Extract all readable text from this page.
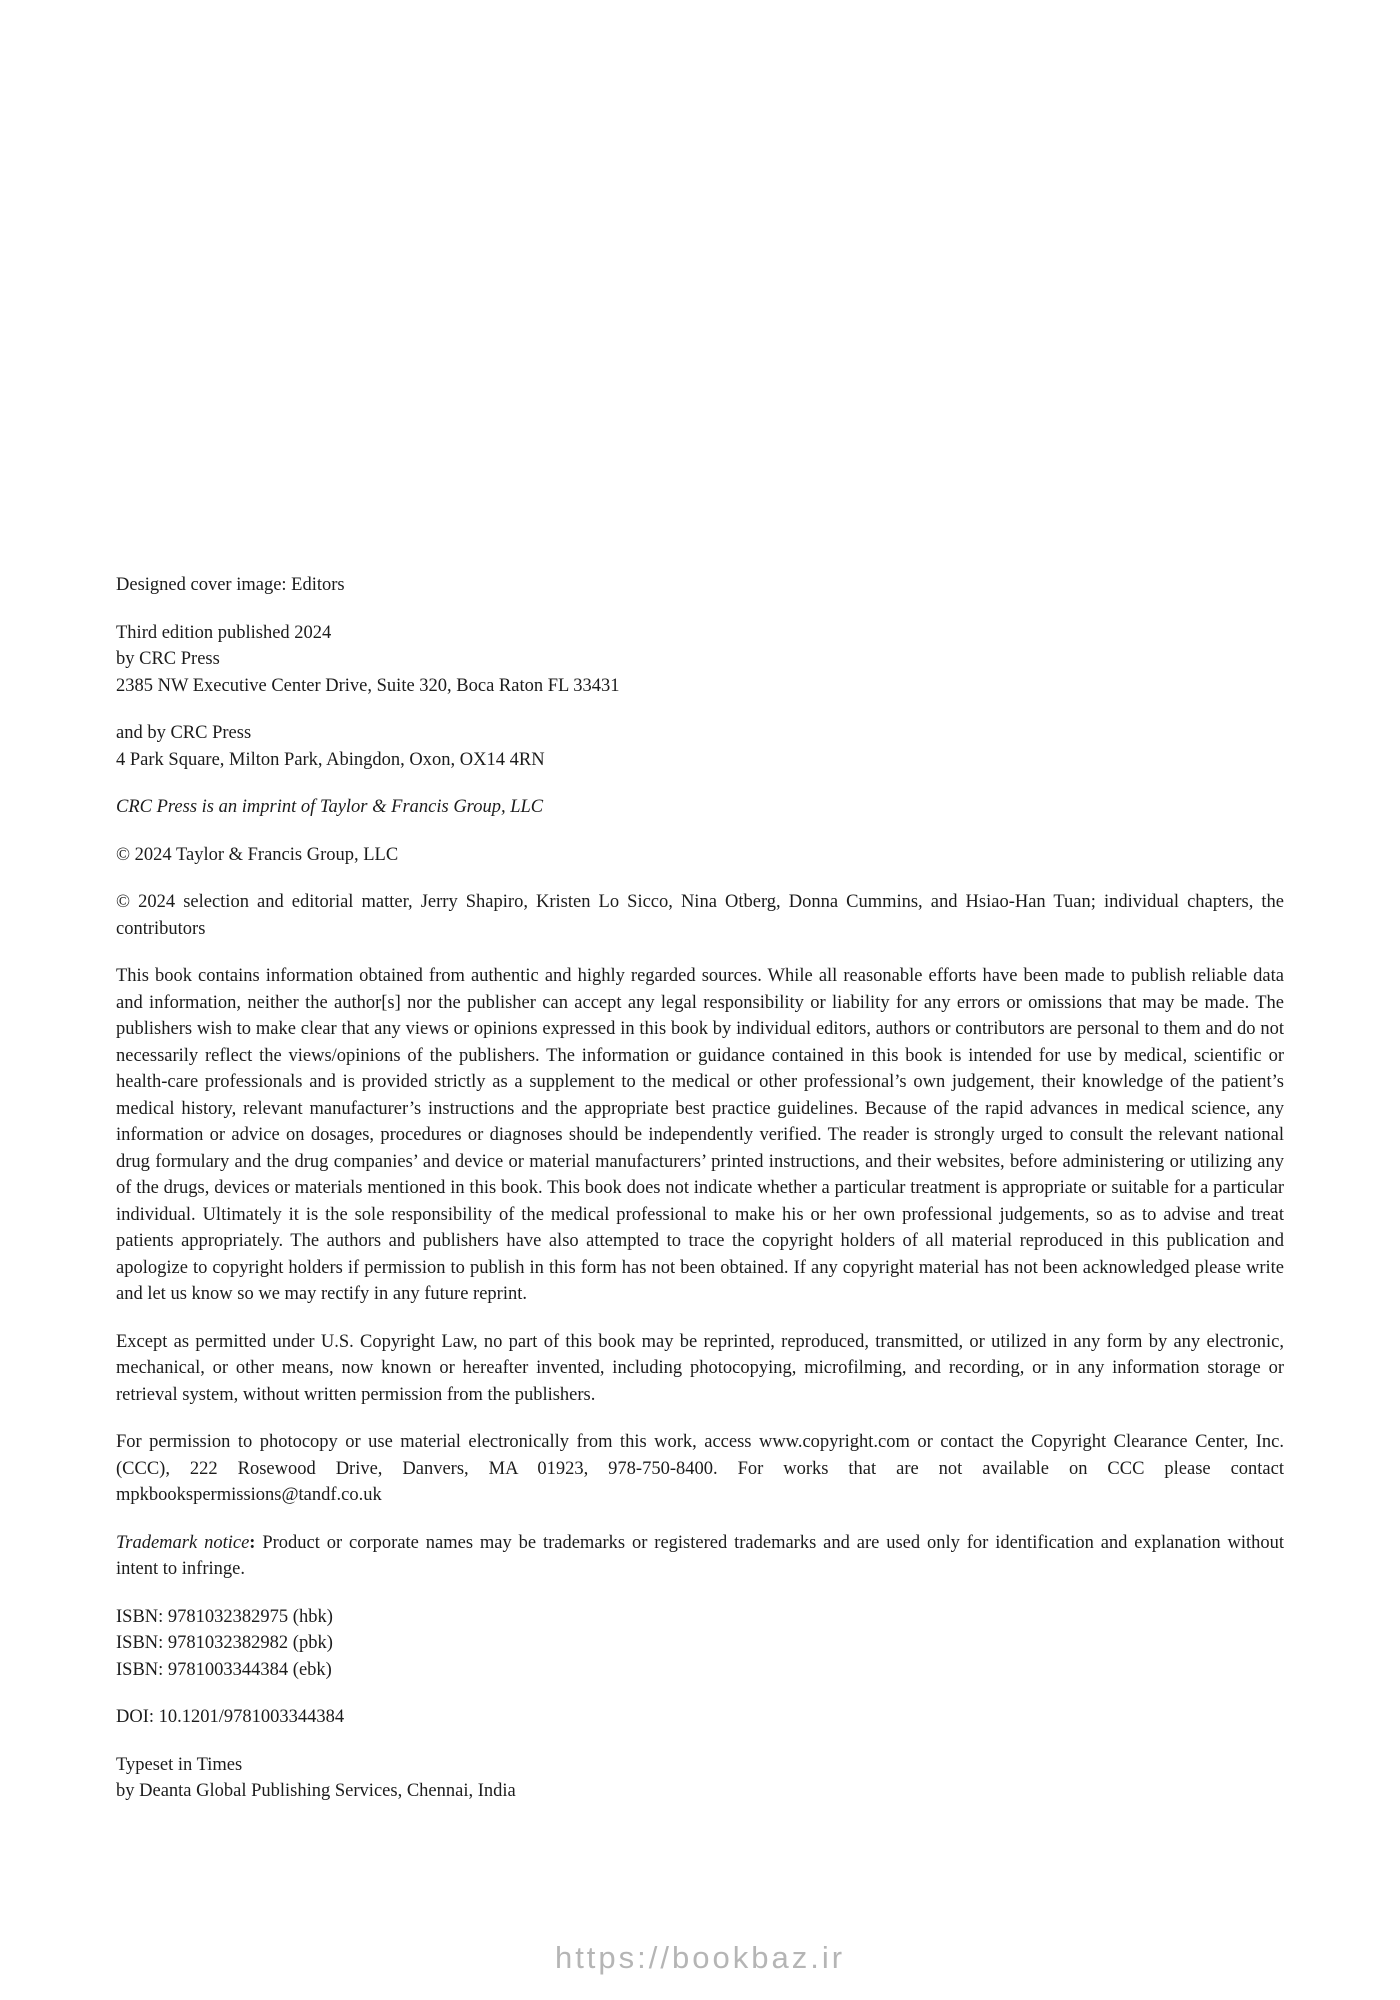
Designed cover image: Editors

Third edition published 2024
by CRC Press
2385 NW Executive Center Drive, Suite 320, Boca Raton FL 33431

and by CRC Press
4 Park Square, Milton Park, Abingdon, Oxon, OX14 4RN

CRC Press is an imprint of Taylor & Francis Group, LLC

© 2024 Taylor & Francis Group, LLC

© 2024 selection and editorial matter, Jerry Shapiro, Kristen Lo Sicco, Nina Otberg, Donna Cummins, and Hsiao-Han Tuan; individual chapters, the contributors

This book contains information obtained from authentic and highly regarded sources. While all reasonable efforts have been made to publish reliable data and information, neither the author[s] nor the publisher can accept any legal responsibility or liability for any errors or omissions that may be made. The publishers wish to make clear that any views or opinions expressed in this book by individual editors, authors or contributors are personal to them and do not necessarily reflect the views/opinions of the publishers. The information or guidance contained in this book is intended for use by medical, scientific or health-care professionals and is provided strictly as a supplement to the medical or other professional’s own judgement, their knowledge of the patient’s medical history, relevant manufacturer’s instructions and the appropriate best practice guidelines. Because of the rapid advances in medical science, any information or advice on dosages, procedures or diagnoses should be independently verified. The reader is strongly urged to consult the relevant national drug formulary and the drug companies’ and device or material manufacturers’ printed instructions, and their websites, before administering or utilizing any of the drugs, devices or materials mentioned in this book. This book does not indicate whether a particular treatment is appropriate or suitable for a particular individual. Ultimately it is the sole responsibility of the medical professional to make his or her own professional judgements, so as to advise and treat patients appropriately. The authors and publishers have also attempted to trace the copyright holders of all material reproduced in this publication and apologize to copyright holders if permission to publish in this form has not been obtained. If any copyright material has not been acknowledged please write and let us know so we may rectify in any future reprint.

Except as permitted under U.S. Copyright Law, no part of this book may be reprinted, reproduced, transmitted, or utilized in any form by any electronic, mechanical, or other means, now known or hereafter invented, including photocopying, microfilming, and recording, or in any information storage or retrieval system, without written permission from the publishers.

For permission to photocopy or use material electronically from this work, access www.copyright.com or contact the Copyright Clearance Center, Inc. (CCC), 222 Rosewood Drive, Danvers, MA 01923, 978-750-8400. For works that are not available on CCC please contact mpkbookspermissions@tandf.co.uk

Trademark notice: Product or corporate names may be trademarks or registered trademarks and are used only for identification and explanation without intent to infringe.

ISBN: 9781032382975 (hbk)
ISBN: 9781032382982 (pbk)
ISBN: 9781003344384 (ebk)

DOI: 10.1201/9781003344384

Typeset in Times
by Deanta Global Publishing Services, Chennai, India

https://bookbaz.ir
